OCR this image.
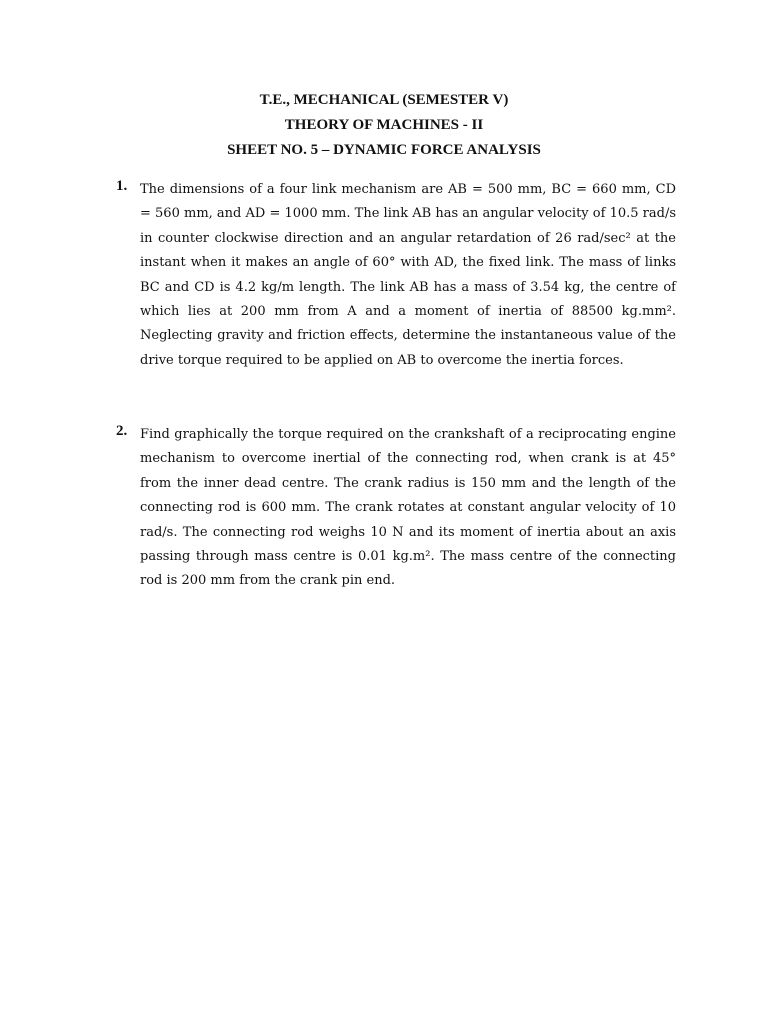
T.E., MECHANICAL (SEMESTER V)
THEORY OF MACHINES - II
SHEET NO. 5 – DYNAMIC FORCE ANALYSIS
1. The dimensions of a four link mechanism are AB = 500 mm, BC = 660 mm, CD = 560 mm, and AD = 1000 mm. The link AB has an angular velocity of 10.5 rad/s in counter clockwise direction and an angular retardation of 26 rad/sec² at the instant when it makes an angle of 60° with AD, the fixed link. The mass of links BC and CD is 4.2 kg/m length. The link AB has a mass of 3.54 kg, the centre of which lies at 200 mm from A and a moment of inertia of 88500 kg.mm². Neglecting gravity and friction effects, determine the instantaneous value of the drive torque required to be applied on AB to overcome the inertia forces.
2. Find graphically the torque required on the crankshaft of a reciprocating engine mechanism to overcome inertial of the connecting rod, when crank is at 45° from the inner dead centre. The crank radius is 150 mm and the length of the connecting rod is 600 mm. The crank rotates at constant angular velocity of 10 rad/s. The connecting rod weighs 10 N and its moment of inertia about an axis passing through mass centre is 0.01 kg.m². The mass centre of the connecting rod is 200 mm from the crank pin end.
